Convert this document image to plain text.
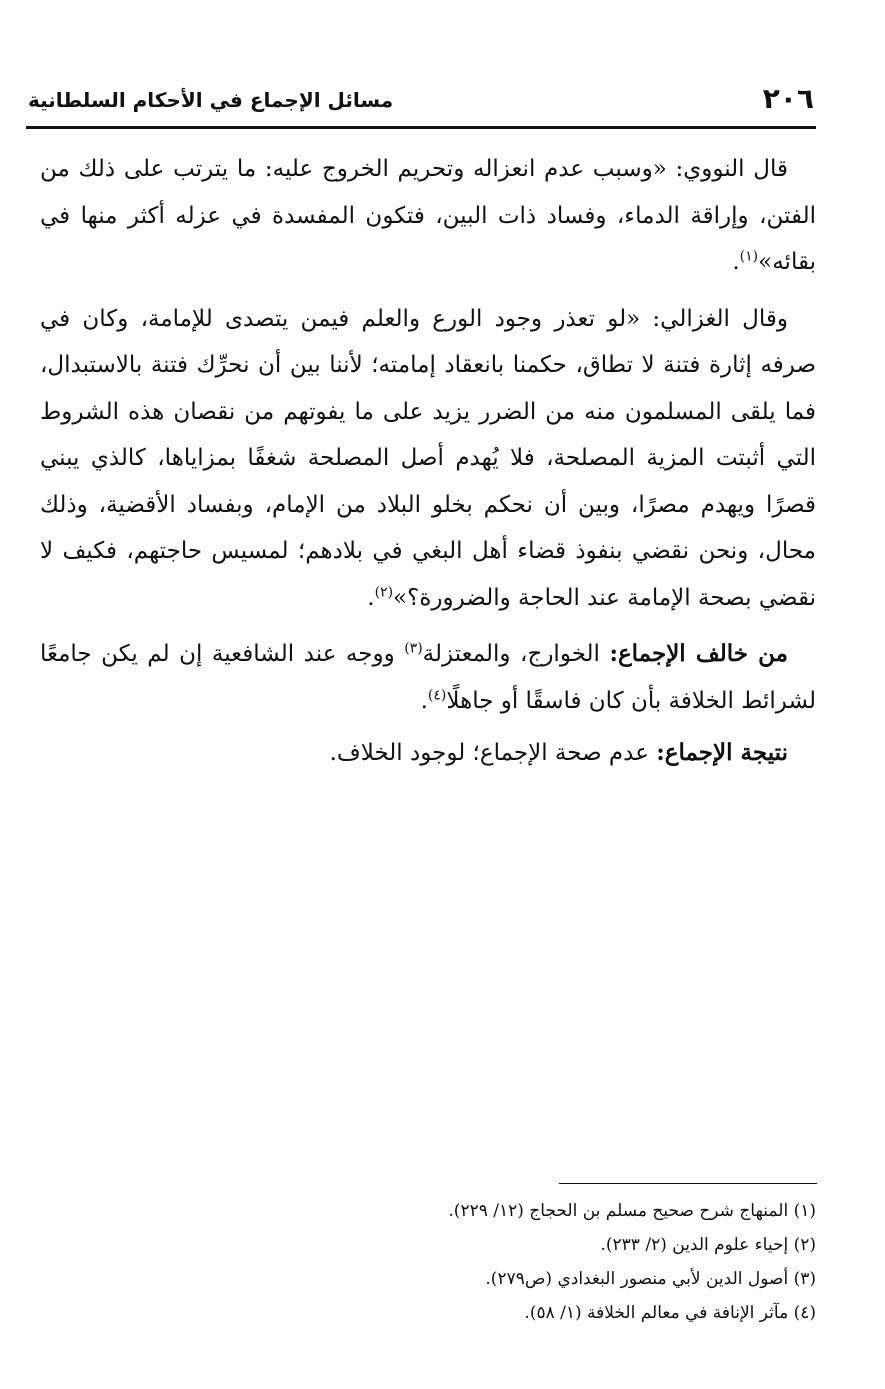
٢٠٦
مسائل الإجماع في الأحكام السلطانية

قال النووي: «وسبب عدم انعزاله وتحريم الخروج عليه: ما يترتب على ذلك من الفتن، وإراقة الدماء، وفساد ذات البين، فتكون المفسدة في عزله أكثر منها في بقائه»$^{(١)}$.

وقال الغزالي: «لو تعذر وجود الورع والعلم فيمن يتصدى للإمامة، وكان في صرفه إثارة فتنة لا تطاق، حكمنا بانعقاد إمامته؛ لأننا بين أن نحرِّك فتنة بالاستبدال، فما يلقى المسلمون منه من الضرر يزيد على ما يفوتهم من نقصان هذه الشروط التي أثبتت المزية المصلحة، فلا يُهدم أصل المصلحة شغفًا بمزاياها، كالذي يبني قصرًا ويهدم مصرًا، وبين أن نحكم بخلو البلاد من الإمام، وبفساد الأقضية، وذلك محال، ونحن نقضي بنفوذ قضاء أهل البغي في بلادهم؛ لمسيس حاجتهم، فكيف لا نقضي بصحة الإمامة عند الحاجة والضرورة؟»$^{(٢)}$.

من خالف الإجماع: الخوارج، والمعتزلة$^{(٣)}$ ووجه عند الشافعية إن لم يكن جامعًا لشرائط الخلافة بأن كان فاسقًا أو جاهلًا$^{(٤)}$.

نتيجة الإجماع: عدم صحة الإجماع؛ لوجود الخلاف.

(١) المنهاج شرح صحيح مسلم بن الحجاج (١٢/ ٢٢٩).

(٢) إحياء علوم الدين (٢/ ٢٣٣).

(٣) أصول الدين لأبي منصور البغدادي (ص٢٧٩).

(٤) مآثر الإنافة في معالم الخلافة (١/ ٥٨).
